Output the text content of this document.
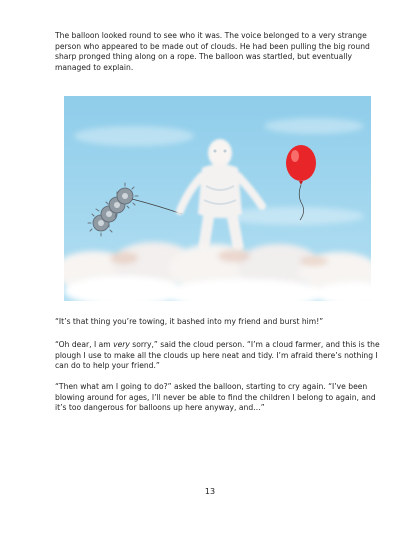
The balloon looked round to see who it was. The voice belonged to a very strange person who appeared to be made out of clouds. He had been pulling the big round sharp pronged thing along on a rope. The balloon was startled, but eventually managed to explain.

“It’s that thing you’re towing, it bashed into my friend and burst him!”

“Oh dear, I am very sorry,” said the cloud person. “I’m a cloud farmer, and this is the plough I use to make all the clouds up here neat and tidy. I’m afraid there’s nothing I can do to help your friend.”

“Then what am I going to do?” asked the balloon, starting to cry again. “I’ve been blowing around for ages, I’ll never be able to find the children I belong to again, and it’s too dangerous for balloons up here anyway, and…”

13
